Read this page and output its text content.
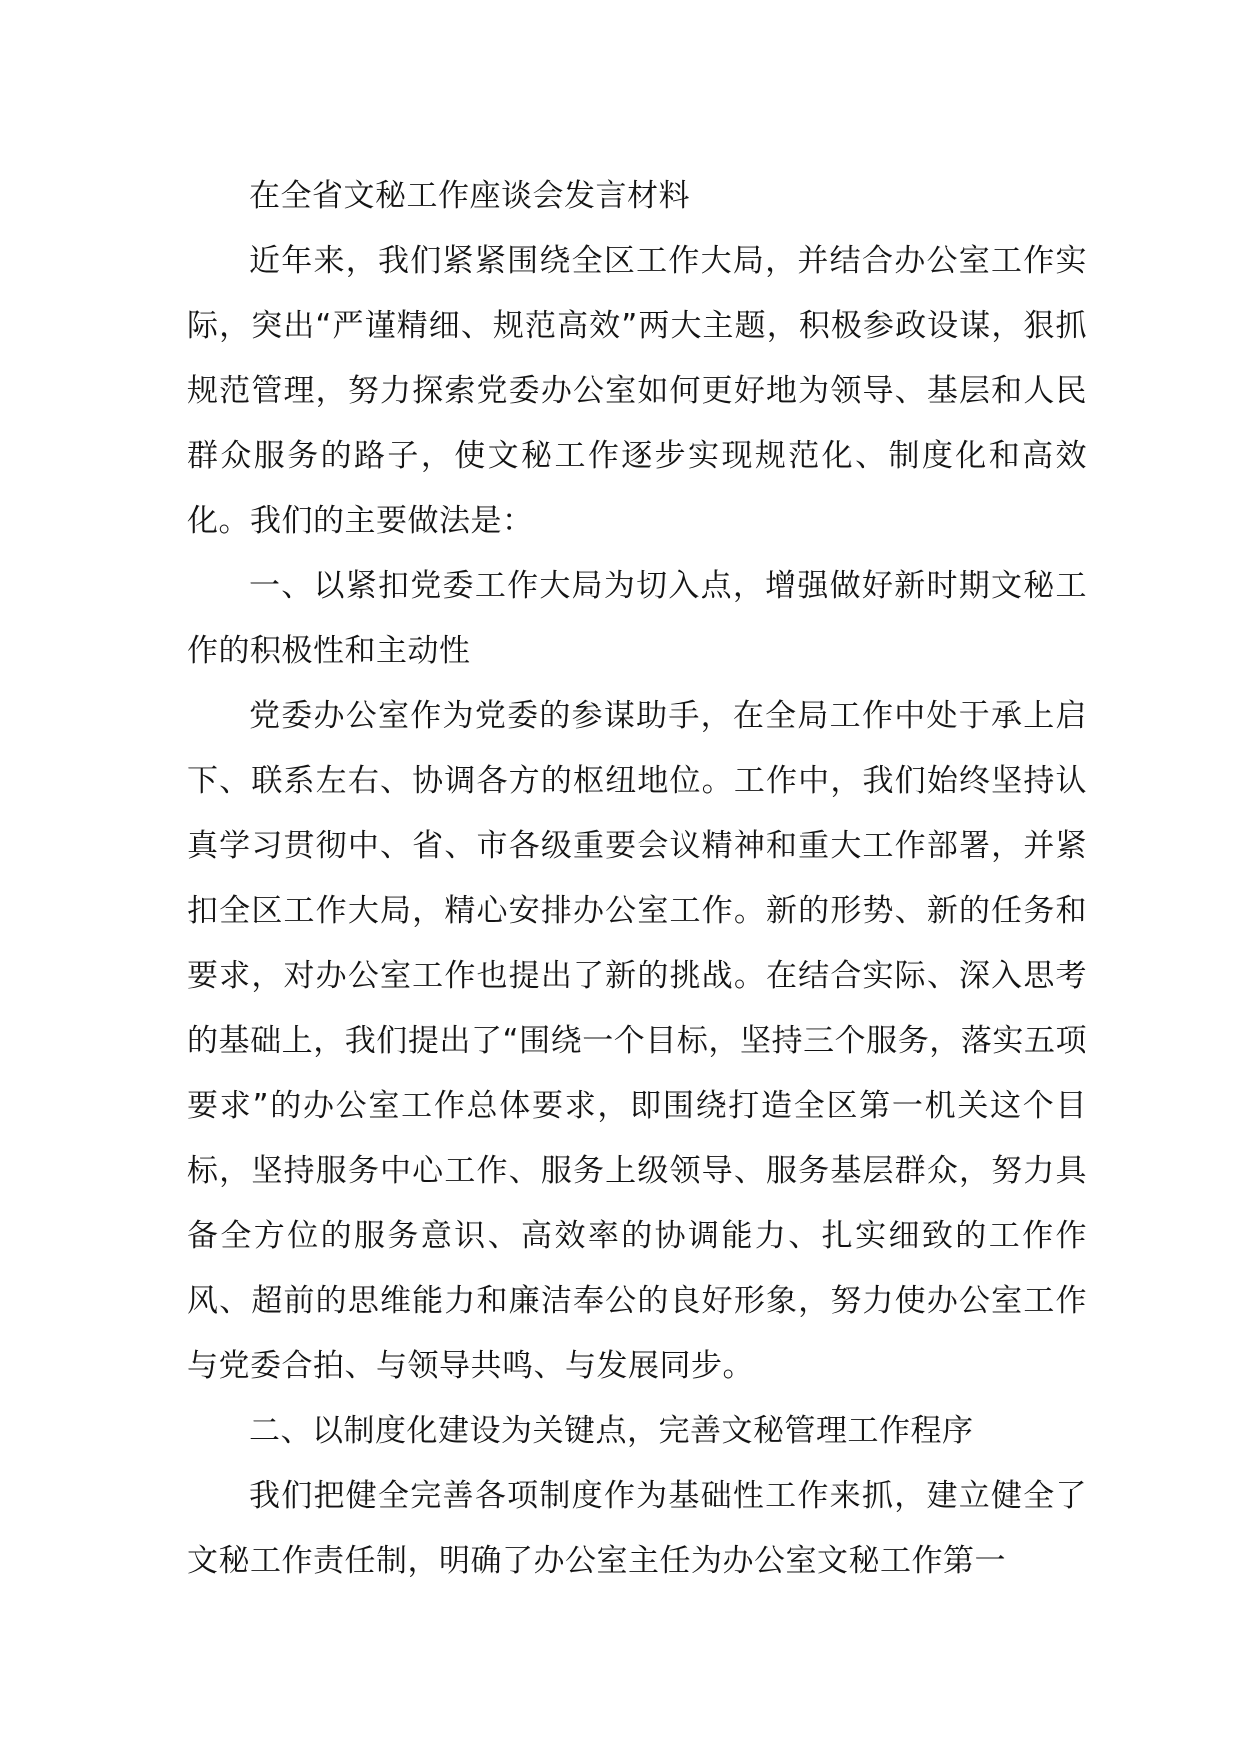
在全省文秘工作座谈会发言材料

近年来，我们紧紧围绕全区工作大局，并结合办公室工作实际，突出“严谨精细、规范高效”两大主题，积极参政设谋，狠抓规范管理，努力探索党委办公室如何更好地为领导、基层和人民群众服务的路子，使文秘工作逐步实现规范化、制度化和高效化。我们的主要做法是：

一、以紧扣党委工作大局为切入点，增强做好新时期文秘工作的积极性和主动性

党委办公室作为党委的参谋助手，在全局工作中处于承上启下、联系左右、协调各方的枢纽地位。工作中，我们始终坚持认真学习贯彻中、省、市各级重要会议精神和重大工作部署，并紧扣全区工作大局，精心安排办公室工作。新的形势、新的任务和要求，对办公室工作也提出了新的挑战。在结合实际、深入思考的基础上，我们提出了“围绕一个目标，坚持三个服务，落实五项要求”的办公室工作总体要求，即围绕打造全区第一机关这个目标，坚持服务中心工作、服务上级领导、服务基层群众，努力具备全方位的服务意识、高效率的协调能力、扎实细致的工作作风、超前的思维能力和廉洁奉公的良好形象，努力使办公室工作与党委合拍、与领导共鸣、与发展同步。

二、以制度化建设为关键点，完善文秘管理工作程序

我们把健全完善各项制度作为基础性工作来抓，建立健全了文秘工作责任制，明确了办公室主任为办公室文秘工作第一
